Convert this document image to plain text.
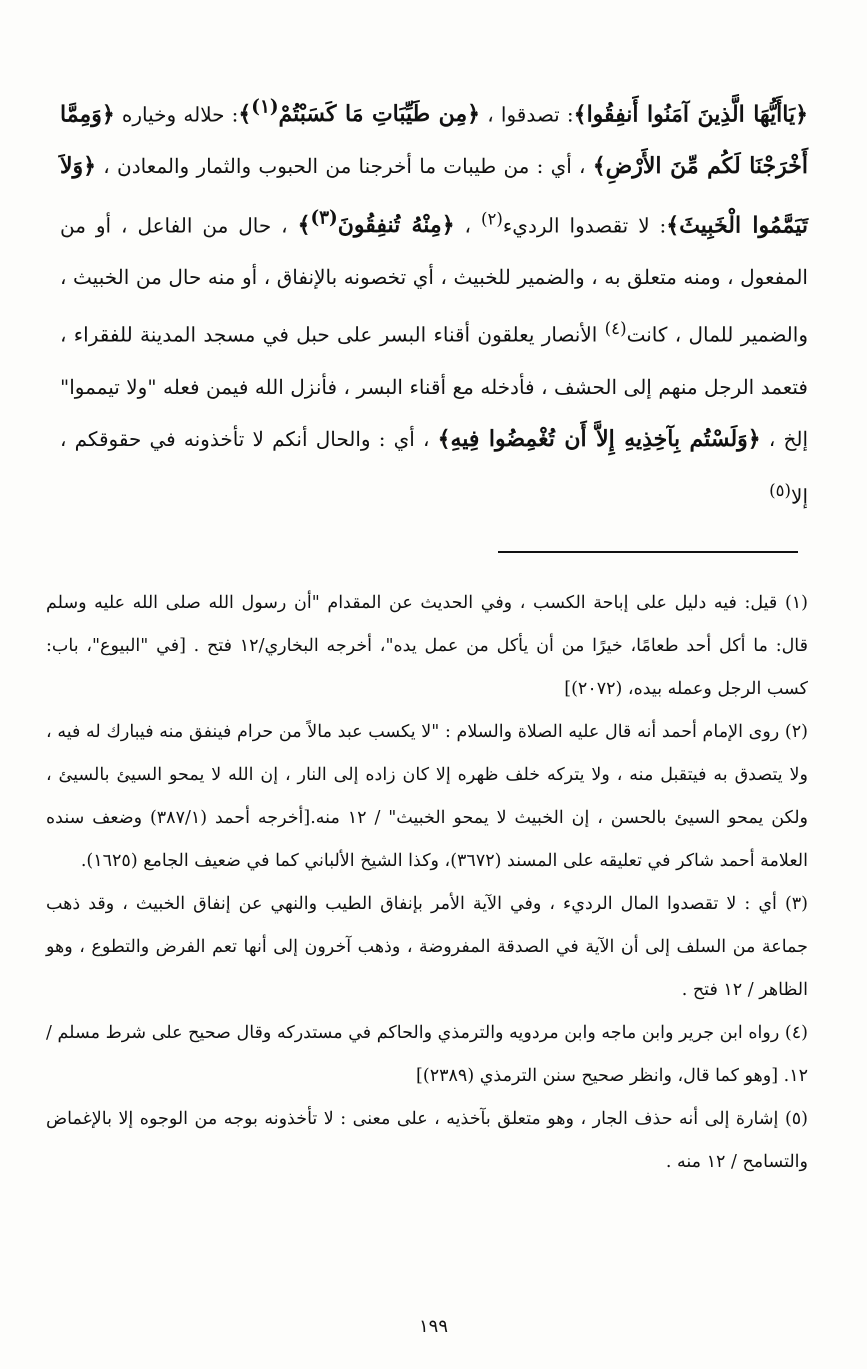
﴿يَاأَيُّهَا الَّذِينَ آمَنُوا أَنفِقُوا﴾: تصدقوا ، ﴿مِن طَيِّبَاتِ مَا كَسَبْتُمْ$^{(١)}$﴾: حلاله وخياره ﴿وَمِمَّا أَخْرَجْنَا لَكُم مِّنَ الأَرْضِ﴾ ، أي : من طيبات ما أخرجنا من الحبوب والثمار والمعادن ، ﴿وَلاَ تَيَمَّمُوا الْخَبِيثَ﴾: لا تقصدوا الرديء$^{(٢)}$ ، ﴿مِنْهُ تُنفِقُونَ$^{(٣)}$﴾ ، حال من الفاعل ، أو من المفعول ، ومنه متعلق به ، والضمير للخبيث ، أي تخصونه بالإنفاق ، أو منه حال من الخبيث ، والضمير للمال ، كانت$^{(٤)}$ الأنصار يعلقون أقناء البسر على حبل في مسجد المدينة للفقراء ، فتعمد الرجل منهم إلى الحشف ، فأدخله مع أقناء البسر ، فأنزل الله فيمن فعله "ولا تيمموا" إلخ ، ﴿وَلَسْتُم بِآخِذِيهِ إِلاَّ أَن تُغْمِضُوا فِيهِ﴾ ، أي : والحال أنكم لا تأخذونه في حقوقكم ، إلا$^{(٥)}$

(١) قيل: فيه دليل على إباحة الكسب ، وفي الحديث عن المقدام "أن رسول الله صلى الله عليه وسلم قال: ما أكل أحد طعامًا، خيرًا من أن يأكل من عمل يده"، أخرجه البخاري/١٢ فتح . [في "البيوع"، باب: كسب الرجل وعمله بيده، (٢٠٧٢)]

(٢) روى الإمام أحمد أنه قال عليه الصلاة والسلام : "لا يكسب عبد مالاً من حرام فينفق منه فيبارك له فيه ، ولا يتصدق به فيتقبل منه ، ولا يتركه خلف ظهره إلا كان زاده إلى النار ، إن الله لا يمحو السيئ بالسيئ ، ولكن يمحو السيئ بالحسن ، إن الخبيث لا يمحو الخبيث" / ١٢ منه.[أخرجه أحمد (٣٨٧/١) وضعف سنده العلامة أحمد شاكر في تعليقه على المسند (٣٦٧٢)، وكذا الشيخ الألباني كما في ضعيف الجامع (١٦٢٥).

(٣) أي : لا تقصدوا المال الرديء ، وفي الآية الأمر بإنفاق الطيب والنهي عن إنفاق الخبيث ، وقد ذهب جماعة من السلف إلى أن الآية في الصدقة المفروضة ، وذهب آخرون إلى أنها تعم الفرض والتطوع ، وهو الظاهر / ١٢ فتح .

(٤) رواه ابن جرير وابن ماجه وابن مردويه والترمذي والحاكم في مستدركه وقال صحيح على شرط مسلم / ١٢. [وهو كما قال، وانظر صحيح سنن الترمذي (٢٣٨٩)]

(٥) إشارة إلى أنه حذف الجار ، وهو متعلق بآخذيه ، على معنى : لا تأخذونه بوجه من الوجوه إلا بالإغماض والتسامح / ١٢ منه .

١٩٩
